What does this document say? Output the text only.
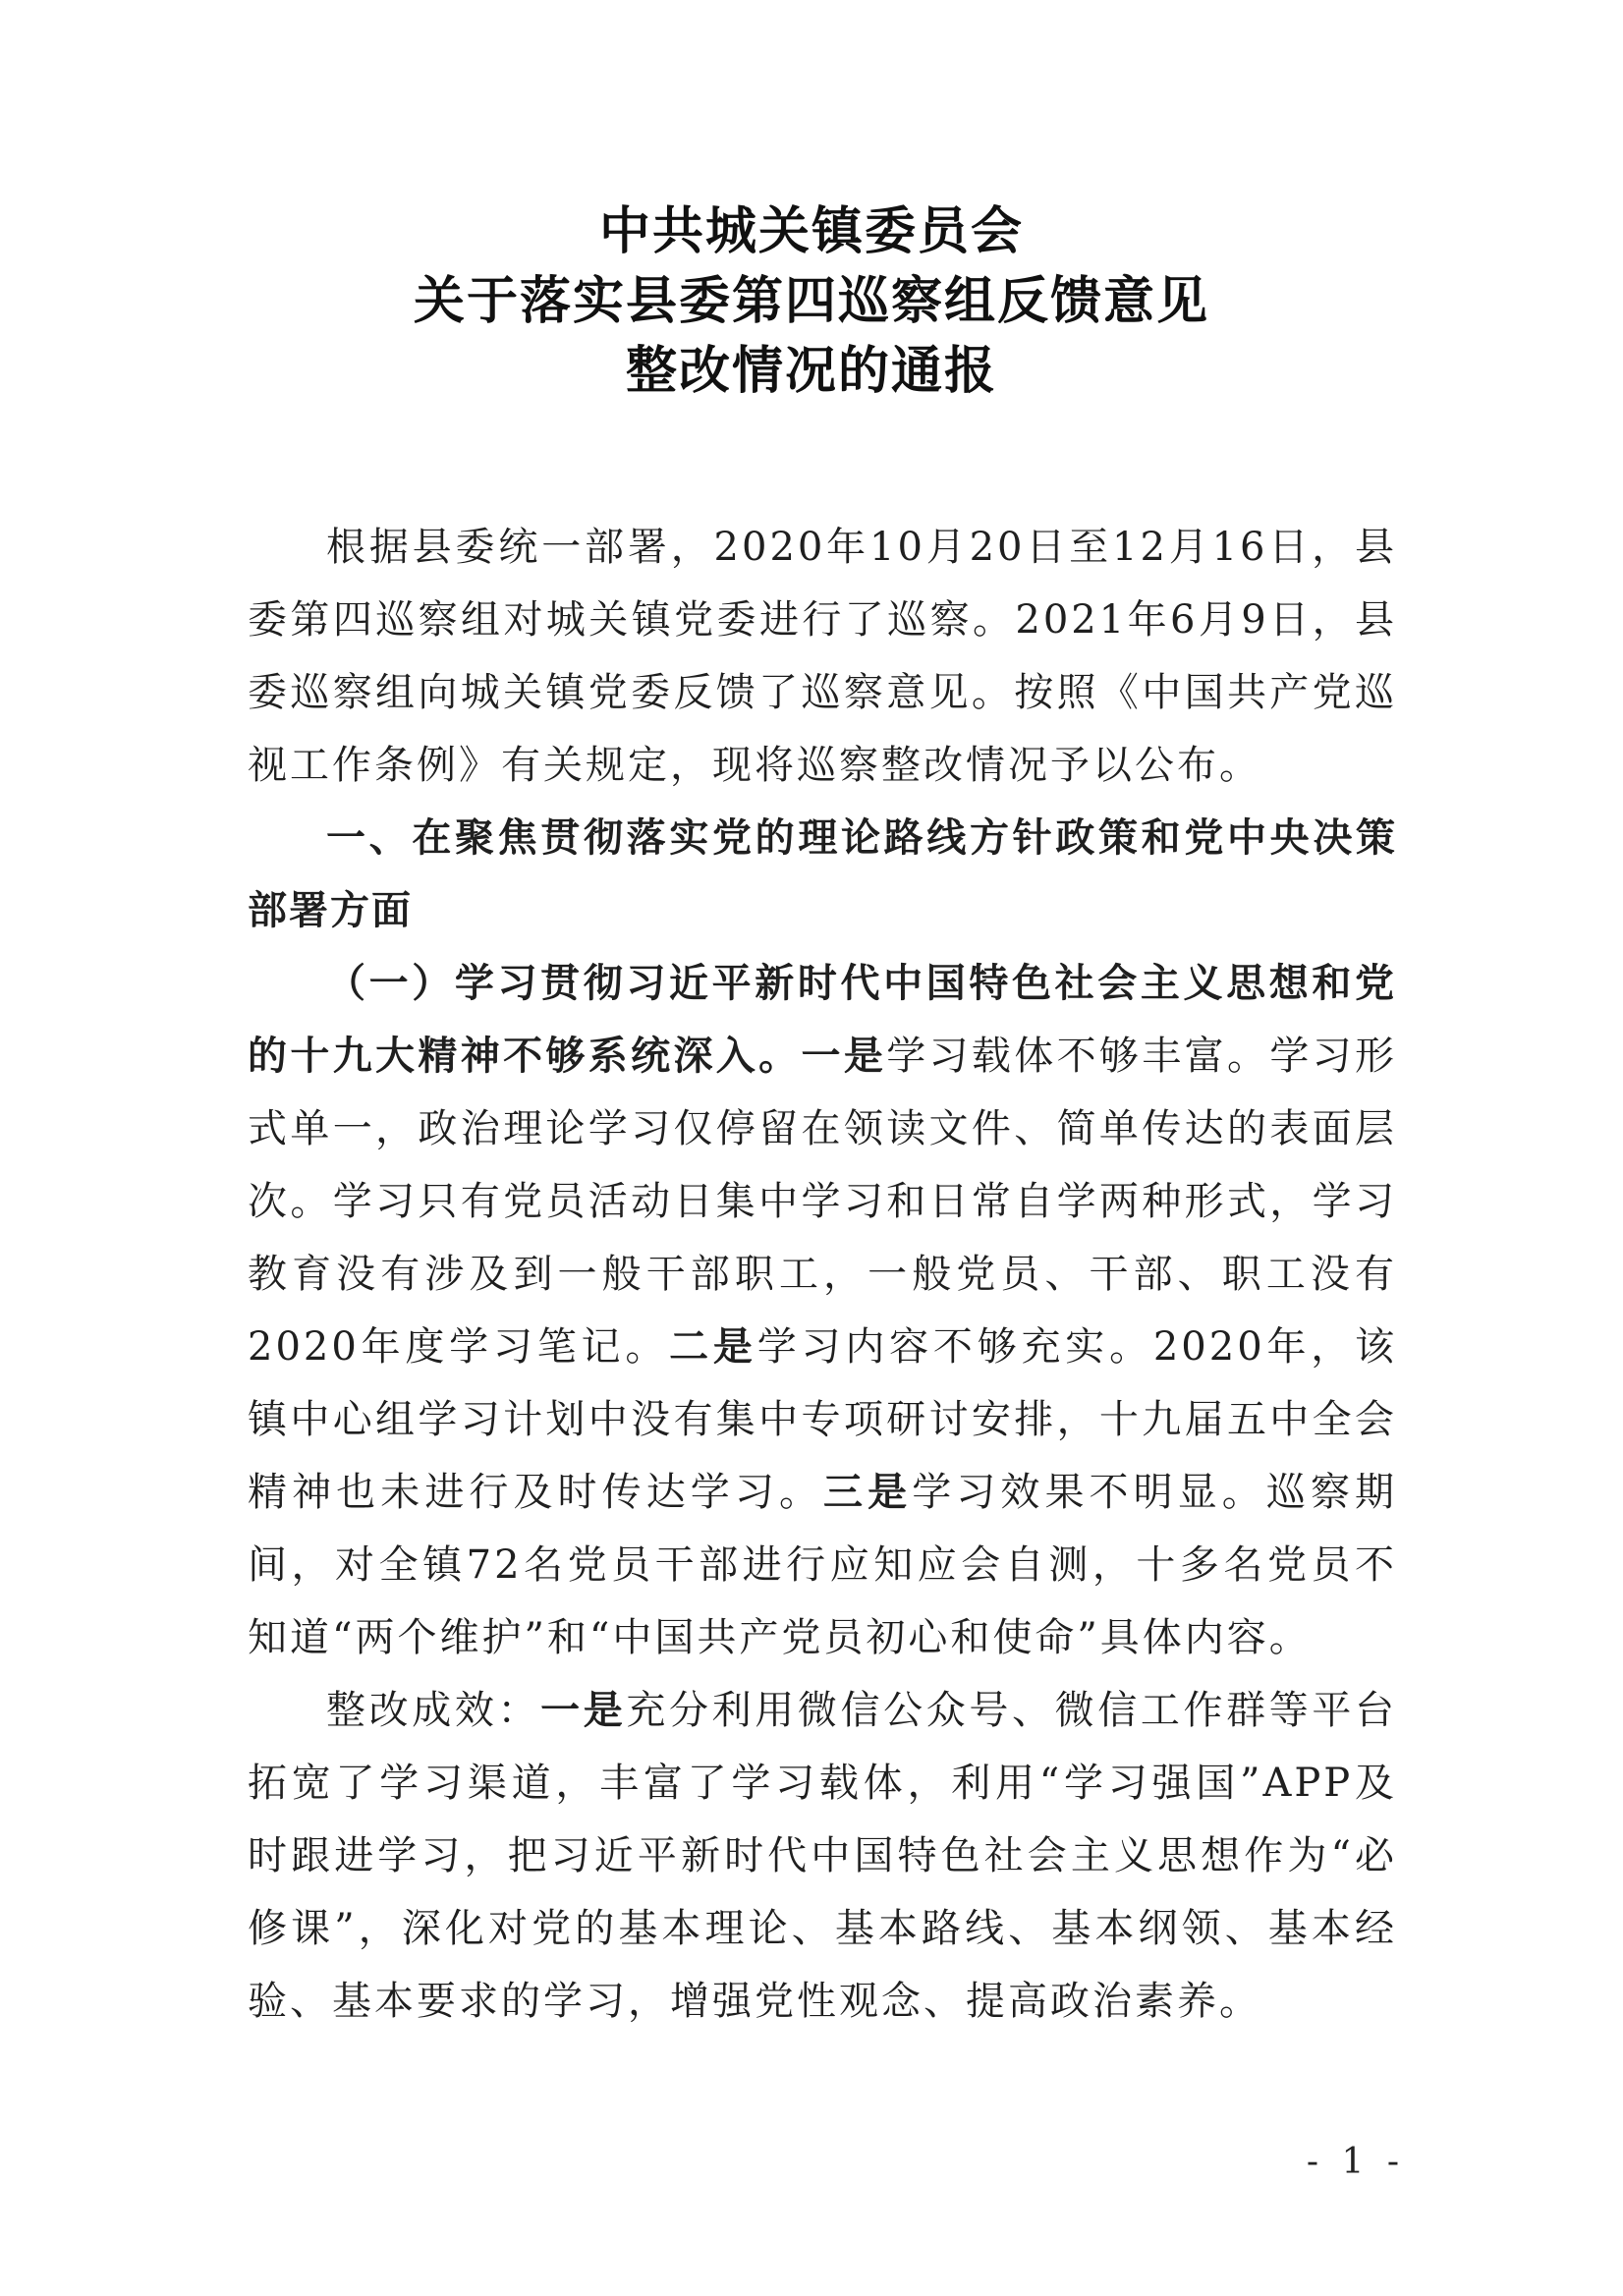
中共城关镇委员会
关于落实县委第四巡察组反馈意见
整改情况的通报

根据县委统一部署，2020年10月20日至12月16日，县委第四巡察组对城关镇党委进行了巡察。2021年6月9日，县委巡察组向城关镇党委反馈了巡察意见。按照《中国共产党巡视工作条例》有关规定，现将巡察整改情况予以公布。

一、在聚焦贯彻落实党的理论路线方针政策和党中央决策部署方面

（一）学习贯彻习近平新时代中国特色社会主义思想和党的十九大精神不够系统深入。一是学习载体不够丰富。学习形式单一，政治理论学习仅停留在领读文件、简单传达的表面层次。学习只有党员活动日集中学习和日常自学两种形式，学习教育没有涉及到一般干部职工，一般党员、干部、职工没有2020年度学习笔记。二是学习内容不够充实。2020年，该镇中心组学习计划中没有集中专项研讨安排，十九届五中全会精神也未进行及时传达学习。三是学习效果不明显。巡察期间，对全镇72名党员干部进行应知应会自测，十多名党员不知道“两个维护”和“中国共产党员初心和使命”具体内容。

整改成效：一是充分利用微信公众号、微信工作群等平台拓宽了学习渠道，丰富了学习载体，利用“学习强国”APP及时跟进学习，把习近平新时代中国特色社会主义思想作为“必修课”，深化对党的基本理论、基本路线、基本纲领、基本经验、基本要求的学习，增强党性观念、提高政治素养。

- 1 -
